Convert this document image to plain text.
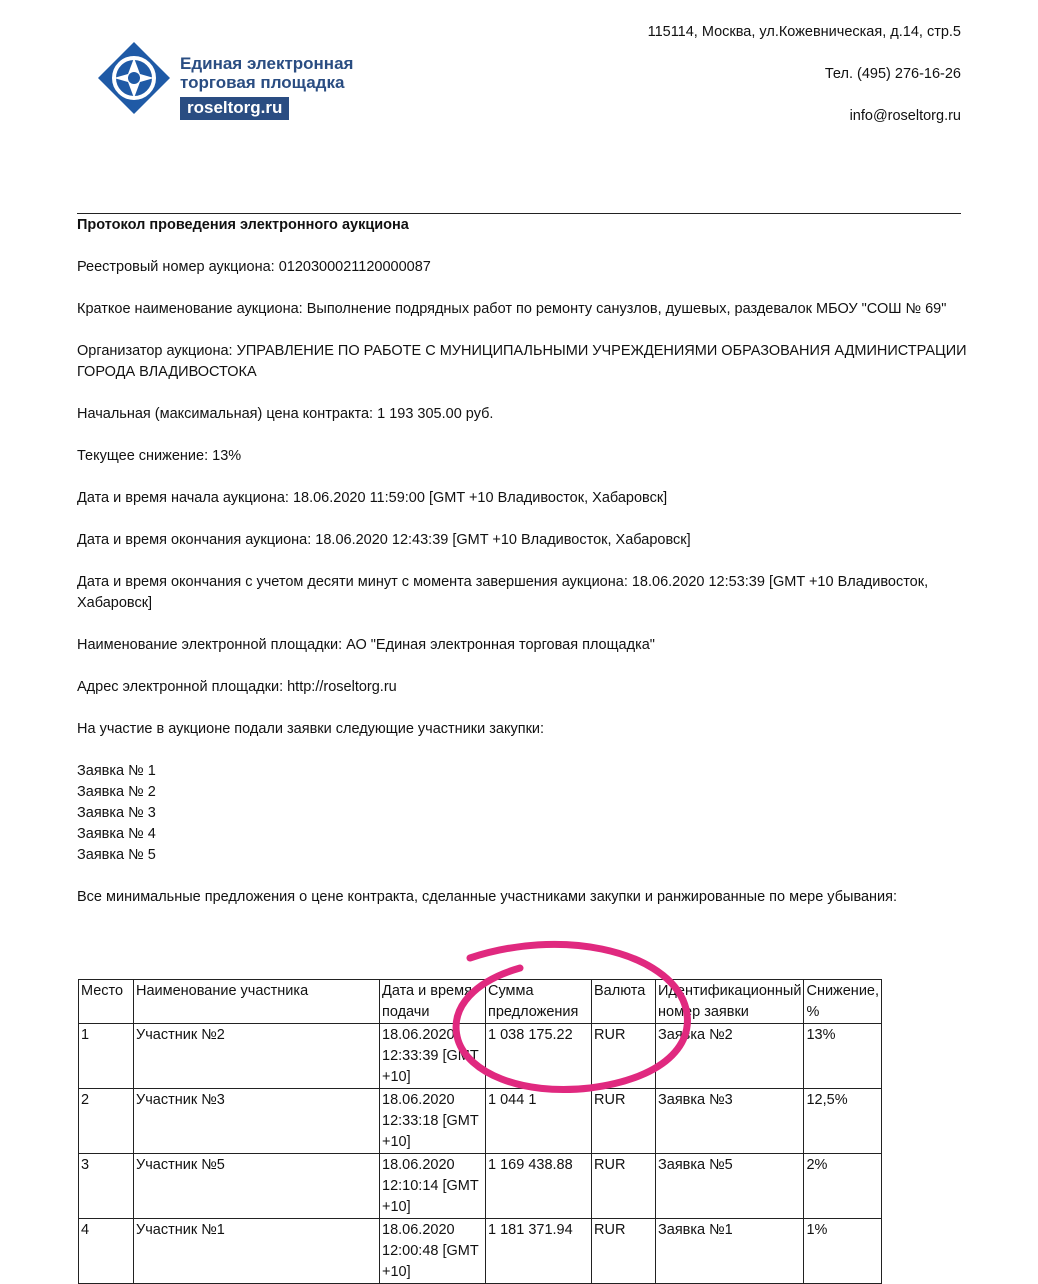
Единая электронная
торговая площадка
roseltorg.ru
115114, Москва, ул.Кожевническая, д.14, стр.5
Тел. (495) 276-16-26
info@roseltorg.ru

Протокол проведения электронного аукциона

Реестровый номер аукциона: 0120300021120000087

Краткое наименование аукциона: Выполнение подрядных работ по ремонту санузлов, душевых, раздевалок МБОУ "СОШ № 69"

Организатор аукциона: УПРАВЛЕНИЕ ПО РАБОТЕ С МУНИЦИПАЛЬНЫМИ УЧРЕЖДЕНИЯМИ ОБРАЗОВАНИЯ АДМИНИСТРАЦИИ ГОРОДА ВЛАДИВОСТОКА

Начальная (максимальная) цена контракта: 1 193 305.00 руб.

Текущее снижение: 13%

Дата и время начала аукциона: 18.06.2020 11:59:00 [GMT +10 Владивосток, Хабаровск]

Дата и время окончания аукциона: 18.06.2020 12:43:39 [GMT +10 Владивосток, Хабаровск]

Дата и время окончания с учетом десяти минут с момента завершения аукциона: 18.06.2020 12:53:39 [GMT +10 Владивосток, Хабаровск]

Наименование электронной площадки: АО "Единая электронная торговая площадка"

Адрес электронной площадки: http://roseltorg.ru

На участие в аукционе подали заявки следующие участники закупки:

Заявка № 1
Заявка № 2
Заявка № 3
Заявка № 4
Заявка № 5

Все минимальные предложения о цене контракта, сделанные участниками закупки и ранжированные по мере убывания:

Место	Наименование участника	Дата и время подачи	Сумма предложения	Валюта	Идентификационный номер заявки	Снижение, %
1	Участник №2	18.06.2020 12:33:39 [GMT +10]	1 038 175.22	RUR	Заявка №2	13%
2	Участник №3	18.06.2020 12:33:18 [GMT +10]	1 044 1	RUR	Заявка №3	12,5%
3	Участник №5	18.06.2020 12:10:14 [GMT +10]	1 169 438.88	RUR	Заявка №5	2%
4	Участник №1	18.06.2020 12:00:48 [GMT +10]	1 181 371.94	RUR	Заявка №1	1%
